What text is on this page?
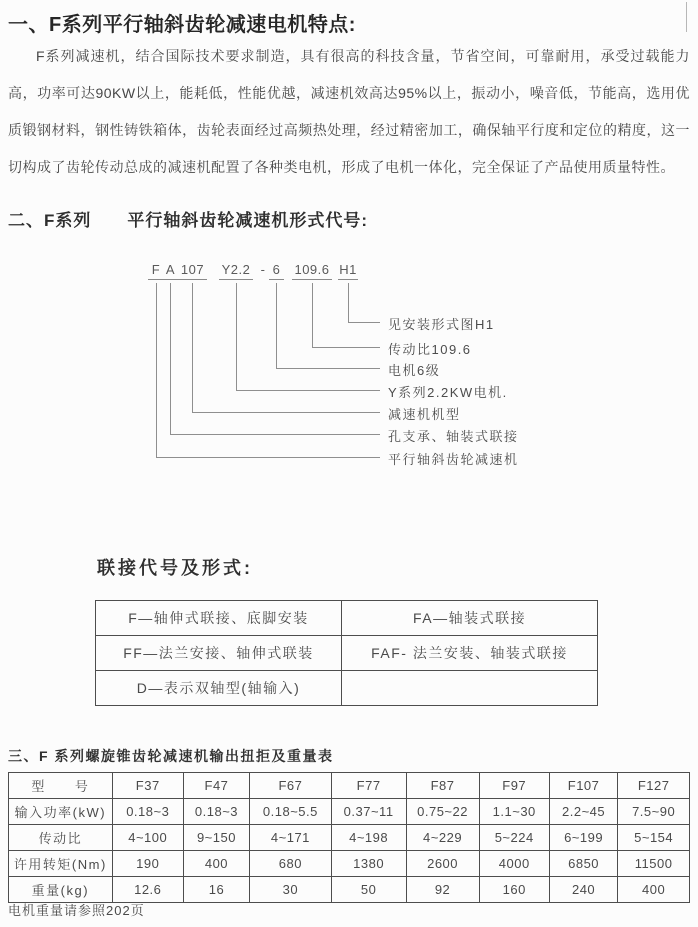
一、F系列平行轴斜齿轮减速电机特点:
F系列减速机，结合国际技术要求制造，具有很高的科技含量，节省空间，可靠耐用，承受过载能力高，功率可达90KW以上，能耗低，性能优越，减速机效高达95%以上，振动小，噪音低，节能高，选用优质锻钢材料，钢性铸铁箱体，齿轮表面经过高频热处理，经过精密加工，确保轴平行度和定位的精度，这一切构成了齿轮传动总成的减速机配置了各种类电机，形成了电机一体化，完全保证了产品使用质量特性。
二、F系列　　平行轴斜齿轮减速机形式代号:
F A 107 Y2.2 - 6 109.6 H1
见安装形式图H1
传动比109.6
电机6级
Y系列2.2KW电机.
减速机机型
孔支承、轴装式联接
平行轴斜齿轮减速机
联接代号及形式:
F—轴伸式联接、底脚安装	FA—轴装式联接
FF—法兰安接、轴伸式联装	FAF- 法兰安装、轴装式联接
D—表示双轴型(轴输入)	
三、F 系列螺旋锥齿轮减速机输出扭拒及重量表
型　　号	F37	F47	F67	F77	F87	F97	F107	F127
输入功率(kW)	0.18~3	0.18~3	0.18~5.5	0.37~11	0.75~22	1.1~30	2.2~45	7.5~90
传动比	4~100	9~150	4~171	4~198	4~229	5~224	6~199	5~154
许用转矩(Nm)	190	400	680	1380	2600	4000	6850	11500
重量(kg)	12.6	16	30	50	92	160	240	400
电机重量请参照202页
